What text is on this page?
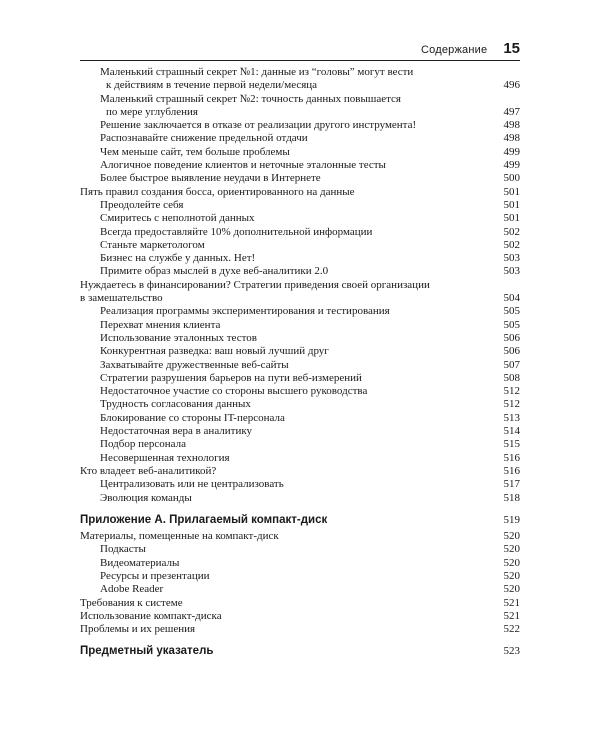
Содержание 15
Маленький страшный секрет №1: данные из “головы” могут вести
к действиям в течение первой недели/месяца	496
Маленький страшный секрет №2: точность данных повышается
по мере углубления	497
Решение заключается в отказе от реализации другого инструмента!	498
Распознавайте снижение предельной отдачи	498
Чем меньше сайт, тем больше проблемы	499
Алогичное поведение клиентов и неточные эталонные тесты	499
Более быстрое выявление неудачи в Интернете	500
Пять правил создания босса, ориентированного на данные	501
Преодолейте себя	501
Смиритесь с неполнотой данных	501
Всегда предоставляйте 10% дополнительной информации	502
Станьте маркетологом	502
Бизнес на службе у данных. Нет!	503
Примите образ мыслей в духе веб-аналитики 2.0	503
Нуждаетесь в финансировании? Стратегии приведения своей организации
в замешательство	504
Реализация программы экспериментирования и тестирования	505
Перехват мнения клиента	505
Использование эталонных тестов	506
Конкурентная разведка: ваш новый лучший друг	506
Захватывайте дружественные веб-сайты	507
Стратегии разрушения барьеров на пути веб-измерений	508
Недостаточное участие со стороны высшего руководства	512
Трудность согласования данных	512
Блокирование со стороны IT-персонала	513
Недостаточная вера в аналитику	514
Подбор персонала	515
Несовершенная технология	516
Кто владеет веб-аналитикой?	516
Централизовать или не централизовать	517
Эволюция команды	518
Приложение А. Прилагаемый компакт-диск	519
Материалы, помещенные на компакт-диск	520
Подкасты	520
Видеоматериалы	520
Ресурсы и презентации	520
Adobe Reader	520
Требования к системе	521
Использование компакт-диска	521
Проблемы и их решения	522
Предметный указатель	523
